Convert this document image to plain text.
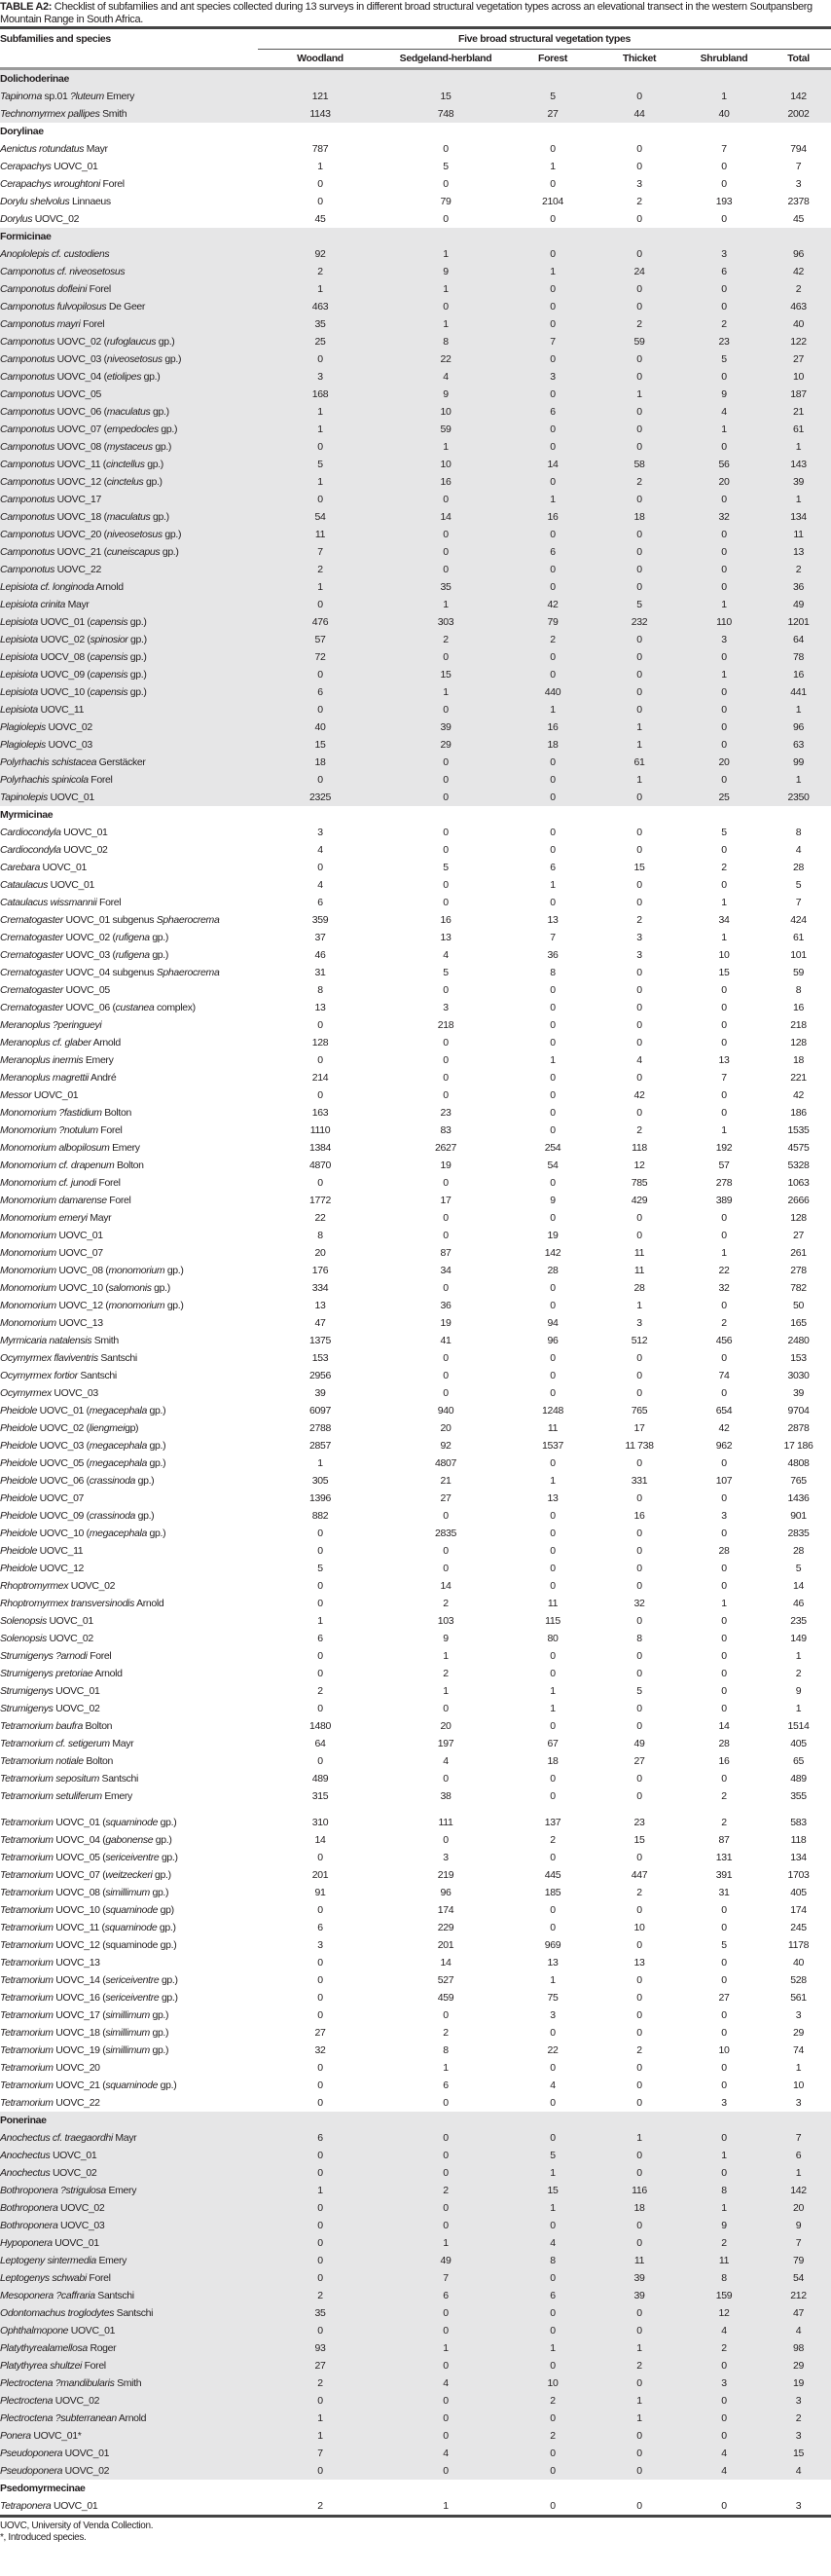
TABLE A2: Checklist of subfamilies and ant species collected during 13 surveys in different broad structural vegetation types across an elevational transect in the western Soutpansberg Mountain Range in South Africa.
Subfamilies and species	Five broad structural vegetation types					
	Woodland	Sedgeland-herbland	Forest	Thicket	Shrubland	Total
Dolichoderinae						
Tapinoma sp.01 ?luteum Emery	121	15	5	0	1	142
Technomyrmex pallipes Smith	1143	748	27	44	40	2002
Dorylinae						
Aenictus rotundatus Mayr	787	0	0	0	7	794
Cerapachys UOVC_01	1	5	1	0	0	7
Cerapachys wroughtoni Forel	0	0	0	3	0	3
Dorylu shelvolus Linnaeus	0	79	2104	2	193	2378
Dorylus UOVC_02	45	0	0	0	0	45
Formicinae						
Anoplolepis cf. custodiens	92	1	0	0	3	96
Camponotus cf. niveosetosus	2	9	1	24	6	42
Camponotus dofleini Forel	1	1	0	0	0	2
Camponotus fulvopilosus De Geer	463	0	0	0	0	463
Camponotus mayri Forel	35	1	0	2	2	40
Camponotus UOVC_02 (rufoglaucus gp.)	25	8	7	59	23	122
Camponotus UOVC_03 (niveosetosus gp.)	0	22	0	0	5	27
Camponotus UOVC_04 (etiolipes gp.)	3	4	3	0	0	10
Camponotus UOVC_05	168	9	0	1	9	187
Camponotus UOVC_06 (maculatus gp.)	1	10	6	0	4	21
Camponotus UOVC_07 (empedocles gp.)	1	59	0	0	1	61
Camponotus UOVC_08 (mystaceus gp.)	0	1	0	0	0	1
Camponotus UOVC_11 (cinctellus gp.)	5	10	14	58	56	143
Camponotus UOVC_12 (cinctelus gp.)	1	16	0	2	20	39
Camponotus UOVC_17	0	0	1	0	0	1
Camponotus UOVC_18 (maculatus gp.)	54	14	16	18	32	134
Camponotus UOVC_20 (niveosetosus gp.)	11	0	0	0	0	11
Camponotus UOVC_21 (cuneiscapus gp.)	7	0	6	0	0	13
Camponotus UOVC_22	2	0	0	0	0	2
Lepisiota cf. longinoda Arnold	1	35	0	0	0	36
Lepisiota crinita Mayr	0	1	42	5	1	49
Lepisiota UOVC_01 (capensis gp.)	476	303	79	232	110	1201
Lepisiota UOVC_02 (spinosior gp.)	57	2	2	0	3	64
Lepisiota UOCV_08 (capensis gp.)	72	0	0	0	0	78
Lepisiota UOVC_09 (capensis gp.)	0	15	0	0	1	16
Lepisiota UOVC_10 (capensis gp.)	6	1	440	0	0	441
Lepisiota UOVC_11	0	0	1	0	0	1
Plagiolepis UOVC_02	40	39	16	1	0	96
Plagiolepis UOVC_03	15	29	18	1	0	63
Polyrhachis schistacea Gerstäcker	18	0	0	61	20	99
Polyrhachis spinicola Forel	0	0	0	1	0	1
Tapinolepis UOVC_01	2325	0	0	0	25	2350
Myrmicinae						
Cardiocondyla UOVC_01	3	0	0	0	5	8
Cardiocondyla UOVC_02	4	0	0	0	0	4
Carebara UOVC_01	0	5	6	15	2	28
Cataulacus UOVC_01	4	0	1	0	0	5
Cataulacus wissmannii Forel	6	0	0	0	1	7
Crematogaster UOVC_01 subgenus Sphaerocrema	359	16	13	2	34	424
Crematogaster UOVC_02 (rufigena gp.)	37	13	7	3	1	61
Crematogaster UOVC_03 (rufigena gp.)	46	4	36	3	10	101
Crematogaster UOVC_04 subgenus Sphaerocrema	31	5	8	0	15	59
Crematogaster UOVC_05	8	0	0	0	0	8
Crematogaster UOVC_06 (custanea complex)	13	3	0	0	0	16
Meranoplus ?peringueyi	0	218	0	0	0	218
Meranoplus cf. glaber Arnold	128	0	0	0	0	128
Meranoplus inermis Emery	0	0	1	4	13	18
Meranoplus magrettii André	214	0	0	0	7	221
Messor UOVC_01	0	0	0	42	0	42
Monomorium ?fastidium Bolton	163	23	0	0	0	186
Monomorium ?notulum Forel	1110	83	0	2	1	1535
Monomorium albopilosum Emery	1384	2627	254	118	192	4575
Monomorium cf. drapenum Bolton	4870	19	54	12	57	5328
Monomorium cf. junodi Forel	0	0	0	785	278	1063
Monomorium damarense Forel	1772	17	9	429	389	2666
Monomorium emeryi Mayr	22	0	0	0	0	128
Monomorium UOVC_01	8	0	19	0	0	27
Monomorium UOVC_07	20	87	142	11	1	261
Monomorium UOVC_08 (monomorium gp.)	176	34	28	11	22	278
Monomorium UOVC_10 (salomonis gp.)	334	0	0	28	32	782
Monomorium UOVC_12 (monomorium gp.)	13	36	0	1	0	50
Monomorium UOVC_13	47	19	94	3	2	165
Myrmicaria natalensis Smith	1375	41	96	512	456	2480
Ocymyrmex flaviventris Santschi	153	0	0	0	0	153
Ocymyrmex fortior Santschi	2956	0	0	0	74	3030
Ocymyrmex UOVC_03	39	0	0	0	0	39
Pheidole UOVC_01 (megacephala gp.)	6097	940	1248	765	654	9704
Pheidole UOVC_02 (liengmeigp)	2788	20	11	17	42	2878
Pheidole UOVC_03 (megacephala gp.)	2857	92	1537	11 738	962	17 186
Pheidole UOVC_05 (megacephala gp.)	1	4807	0	0	0	4808
Pheidole UOVC_06 (crassinoda gp.)	305	21	1	331	107	765
Pheidole UOVC_07	1396	27	13	0	0	1436
Pheidole UOVC_09 (crassinoda gp.)	882	0	0	16	3	901
Pheidole UOVC_10 (megacephala gp.)	0	2835	0	0	0	2835
Pheidole UOVC_11	0	0	0	0	28	28
Pheidole UOVC_12	5	0	0	0	0	5
Rhoptromyrmex UOVC_02	0	14	0	0	0	14
Rhoptromyrmex transversinodis Arnold	0	2	11	32	1	46
Solenopsis UOVC_01	1	103	115	0	0	235
Solenopsis UOVC_02	6	9	80	8	0	149
Strumigenys ?arnodi Forel	0	1	0	0	0	1
Strumigenys pretoriae Arnold	0	2	0	0	0	2
Strumigenys UOVC_01	2	1	1	5	0	9
Strumigenys UOVC_02	0	0	1	0	0	1
Tetramorium baufra Bolton	1480	20	0	0	14	1514
Tetramorium cf. setigerum Mayr	64	197	67	49	28	405
Tetramorium notiale Bolton	0	4	18	27	16	65
Tetramorium sepositum Santschi	489	0	0	0	0	489
Tetramorium setuliferum Emery	315	38	0	0	2	355

Tetramorium UOVC_01 (squaminode gp.)	310	111	137	23	2	583
Tetramorium UOVC_04 (gabonense gp.)	14	0	2	15	87	118
Tetramorium UOVC_05 (sericeiventre gp.)	0	3	0	0	131	134
Tetramorium UOVC_07 (weitzeckeri gp.)	201	219	445	447	391	1703
Tetramorium UOVC_08 (simillimum gp.)	91	96	185	2	31	405
Tetramorium UOVC_10 (squaminode gp)	0	174	0	0	0	174
Tetramorium UOVC_11 (squaminode gp.)	6	229	0	10	0	245
Tetramorium UOVC_12 (squaminode gp.)	3	201	969	0	5	1178
Tetramorium UOVC_13	0	14	13	13	0	40
Tetramorium UOVC_14 (sericeiventre gp.)	0	527	1	0	0	528
Tetramorium UOVC_16 (sericeiventre gp.)	0	459	75	0	27	561
Tetramorium UOVC_17 (simillimum gp.)	0	0	3	0	0	3
Tetramorium UOVC_18 (simillimum gp.)	27	2	0	0	0	29
Tetramorium UOVC_19 (simillimum gp.)	32	8	22	2	10	74
Tetramorium UOVC_20	0	1	0	0	0	1
Tetramorium UOVC_21 (squaminode gp.)	0	6	4	0	0	10
Tetramorium UOVC_22	0	0	0	0	3	3
Ponerinae						
Anochectus cf. traegaordhi Mayr	6	0	0	1	0	7
Anochectus UOVC_01	0	0	5	0	1	6
Anochectus UOVC_02	0	0	1	0	0	1
Bothroponera ?strigulosa Emery	1	2	15	116	8	142
Bothroponera UOVC_02	0	0	1	18	1	20
Bothroponera UOVC_03	0	0	0	0	9	9
Hypoponera UOVC_01	0	1	4	0	2	7
Leptogeny sintermedia Emery	0	49	8	11	11	79
Leptogenys schwabi Forel	0	7	0	39	8	54
Mesoponera ?caffraria Santschi	2	6	6	39	159	212
Odontomachus troglodytes Santschi	35	0	0	0	12	47
Ophthalmopone UOVC_01	0	0	0	0	4	4
Platythyrealamellosa Roger	93	1	1	1	2	98
Platythyrea shultzei Forel	27	0	0	2	0	29
Plectroctena ?mandibularis Smith	2	4	10	0	3	19
Plectroctena UOVC_02	0	0	2	1	0	3
Plectroctena ?subterranean Arnold	1	0	0	1	0	2
Ponera UOVC_01*	1	0	2	0	0	3
Pseudoponera UOVC_01	7	4	0	0	4	15
Pseudoponera UOVC_02	0	0	0	0	4	4
Psedomyrmecinae						
Tetraponera UOVC_01	2	1	0	0	0	3
UOVC, University of Venda Collection.
*, Introduced species.
